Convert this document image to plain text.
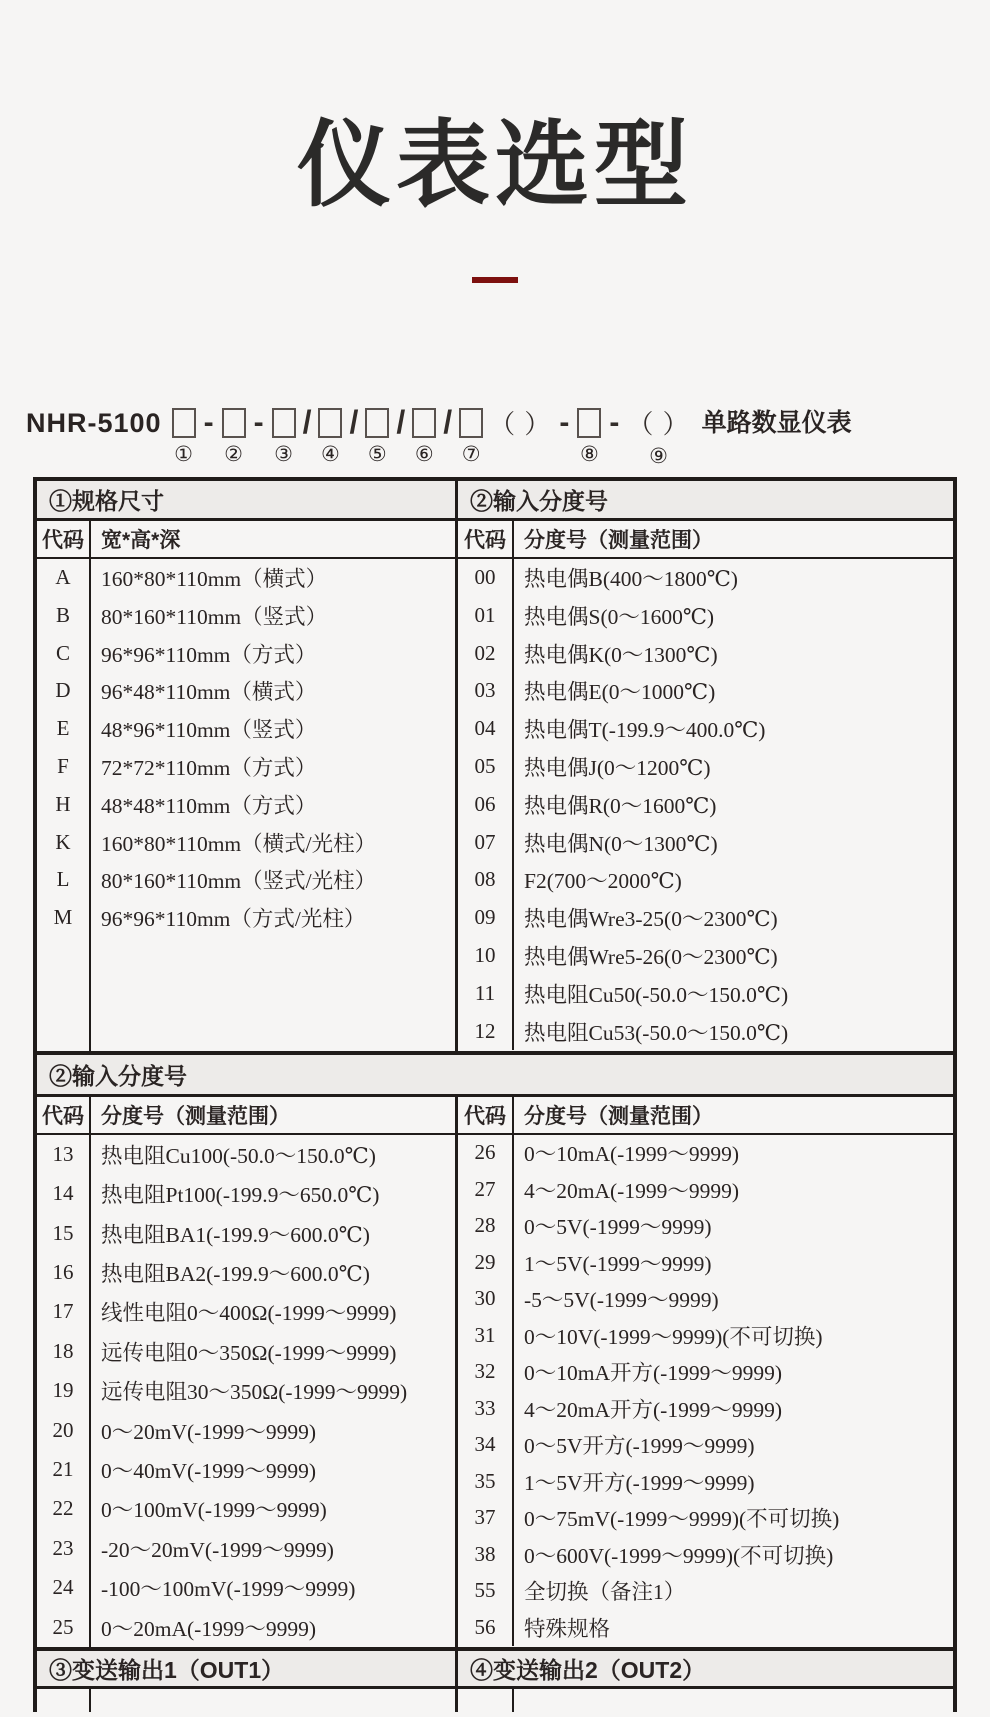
仪表选型
NHR-5100
①
-
②
-
③
/
④
/
⑤
/
⑥
/
⑦
（ ） -
⑧
- （ ）
⑨
单路数显仪表
①规格尺寸	②输入分度号
代码 宽*高*深
A	160*80*110mm（横式）
B	80*160*110mm（竖式）
C	96*96*110mm（方式）
D	96*48*110mm（横式）
E	48*96*110mm（竖式）
F	72*72*110mm（方式）
H	48*48*110mm（方式）
K	160*80*110mm（横式/光柱）
L	80*160*110mm（竖式/光柱）
M	96*96*110mm（方式/光柱）
代码 分度号（测量范围）
00	热电偶B(400～1800℃)
01	热电偶S(0～1600℃)
02	热电偶K(0～1300℃)
03	热电偶E(0～1000℃)
04	热电偶T(-199.9～400.0℃)
05	热电偶J(0～1200℃)
06	热电偶R(0～1600℃)
07	热电偶N(0～1300℃)
08	F2(700～2000℃)
09	热电偶Wre3-25(0～2300℃)
10	热电偶Wre5-26(0～2300℃)
11	热电阻Cu50(-50.0～150.0℃)
12	热电阻Cu53(-50.0～150.0℃)
②输入分度号
代码 分度号（测量范围）
13	热电阻Cu100(-50.0～150.0℃)
14	热电阻Pt100(-199.9～650.0℃)
15	热电阻BA1(-199.9～600.0℃)
16	热电阻BA2(-199.9～600.0℃)
17	线性电阻0～400Ω(-1999～9999)
18	远传电阻0～350Ω(-1999～9999)
19	远传电阻30～350Ω(-1999～9999)
20	0～20mV(-1999～9999)
21	0～40mV(-1999～9999)
22	0～100mV(-1999～9999)
23	-20～20mV(-1999～9999)
24	-100～100mV(-1999～9999)
25	0～20mA(-1999～9999)
代码 分度号（测量范围）
26	0～10mA(-1999～9999)
27	4～20mA(-1999～9999)
28	0～5V(-1999～9999)
29	1～5V(-1999～9999)
30	-5～5V(-1999～9999)
31	0～10V(-1999～9999)(不可切换)
32	0～10mA开方(-1999～9999)
33	4～20mA开方(-1999～9999)
34	0～5V开方(-1999～9999)
35	1～5V开方(-1999～9999)
37	0～75mV(-1999～9999)(不可切换)
38	0～600V(-1999～9999)(不可切换)
55	全切换（备注1）
56	特殊规格
③变送输出1（OUT1）	④变送输出2（OUT2）
